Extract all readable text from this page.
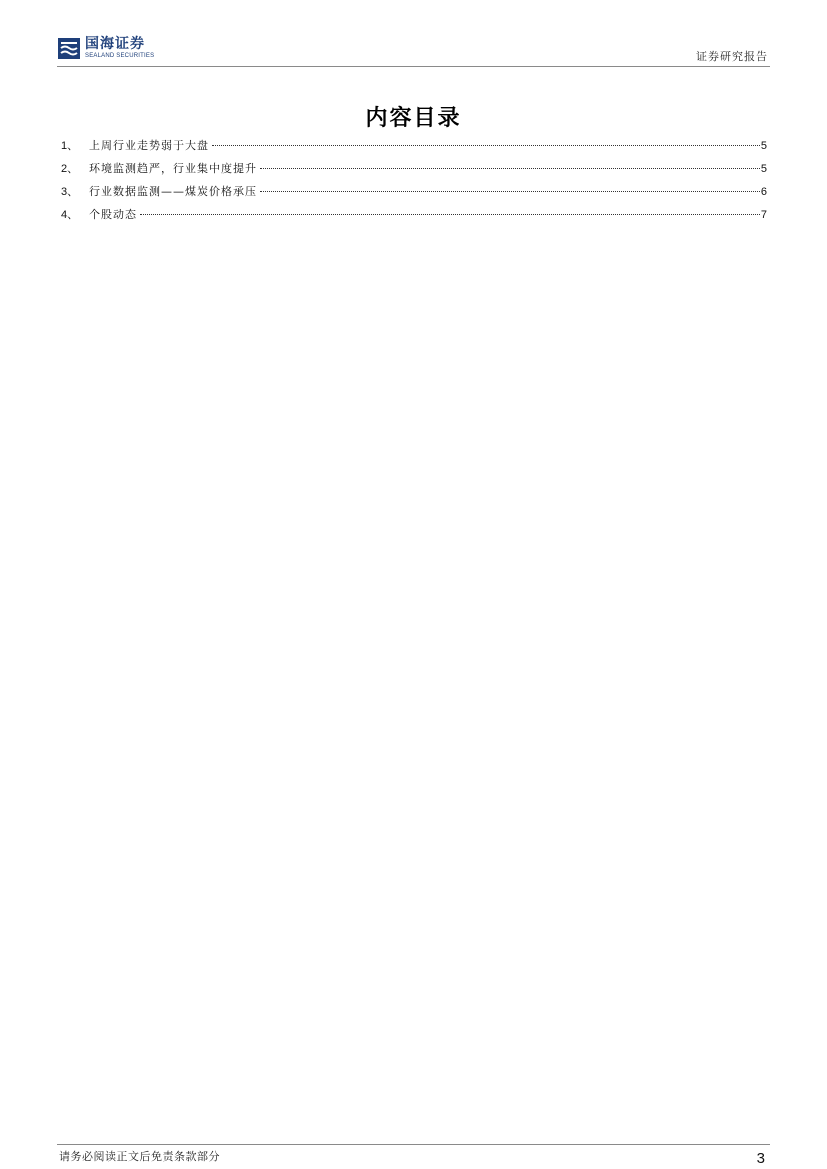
国海证券
SEALAND SECURITIES	证券研究报告
内容目录
1、 上周行业走势弱于大盘	5
2、 环境监测趋严，行业集中度提升	5
3、 行业数据监测——煤炭价格承压	6
4、 个股动态	7
请务必阅读正文后免责条款部分	3
